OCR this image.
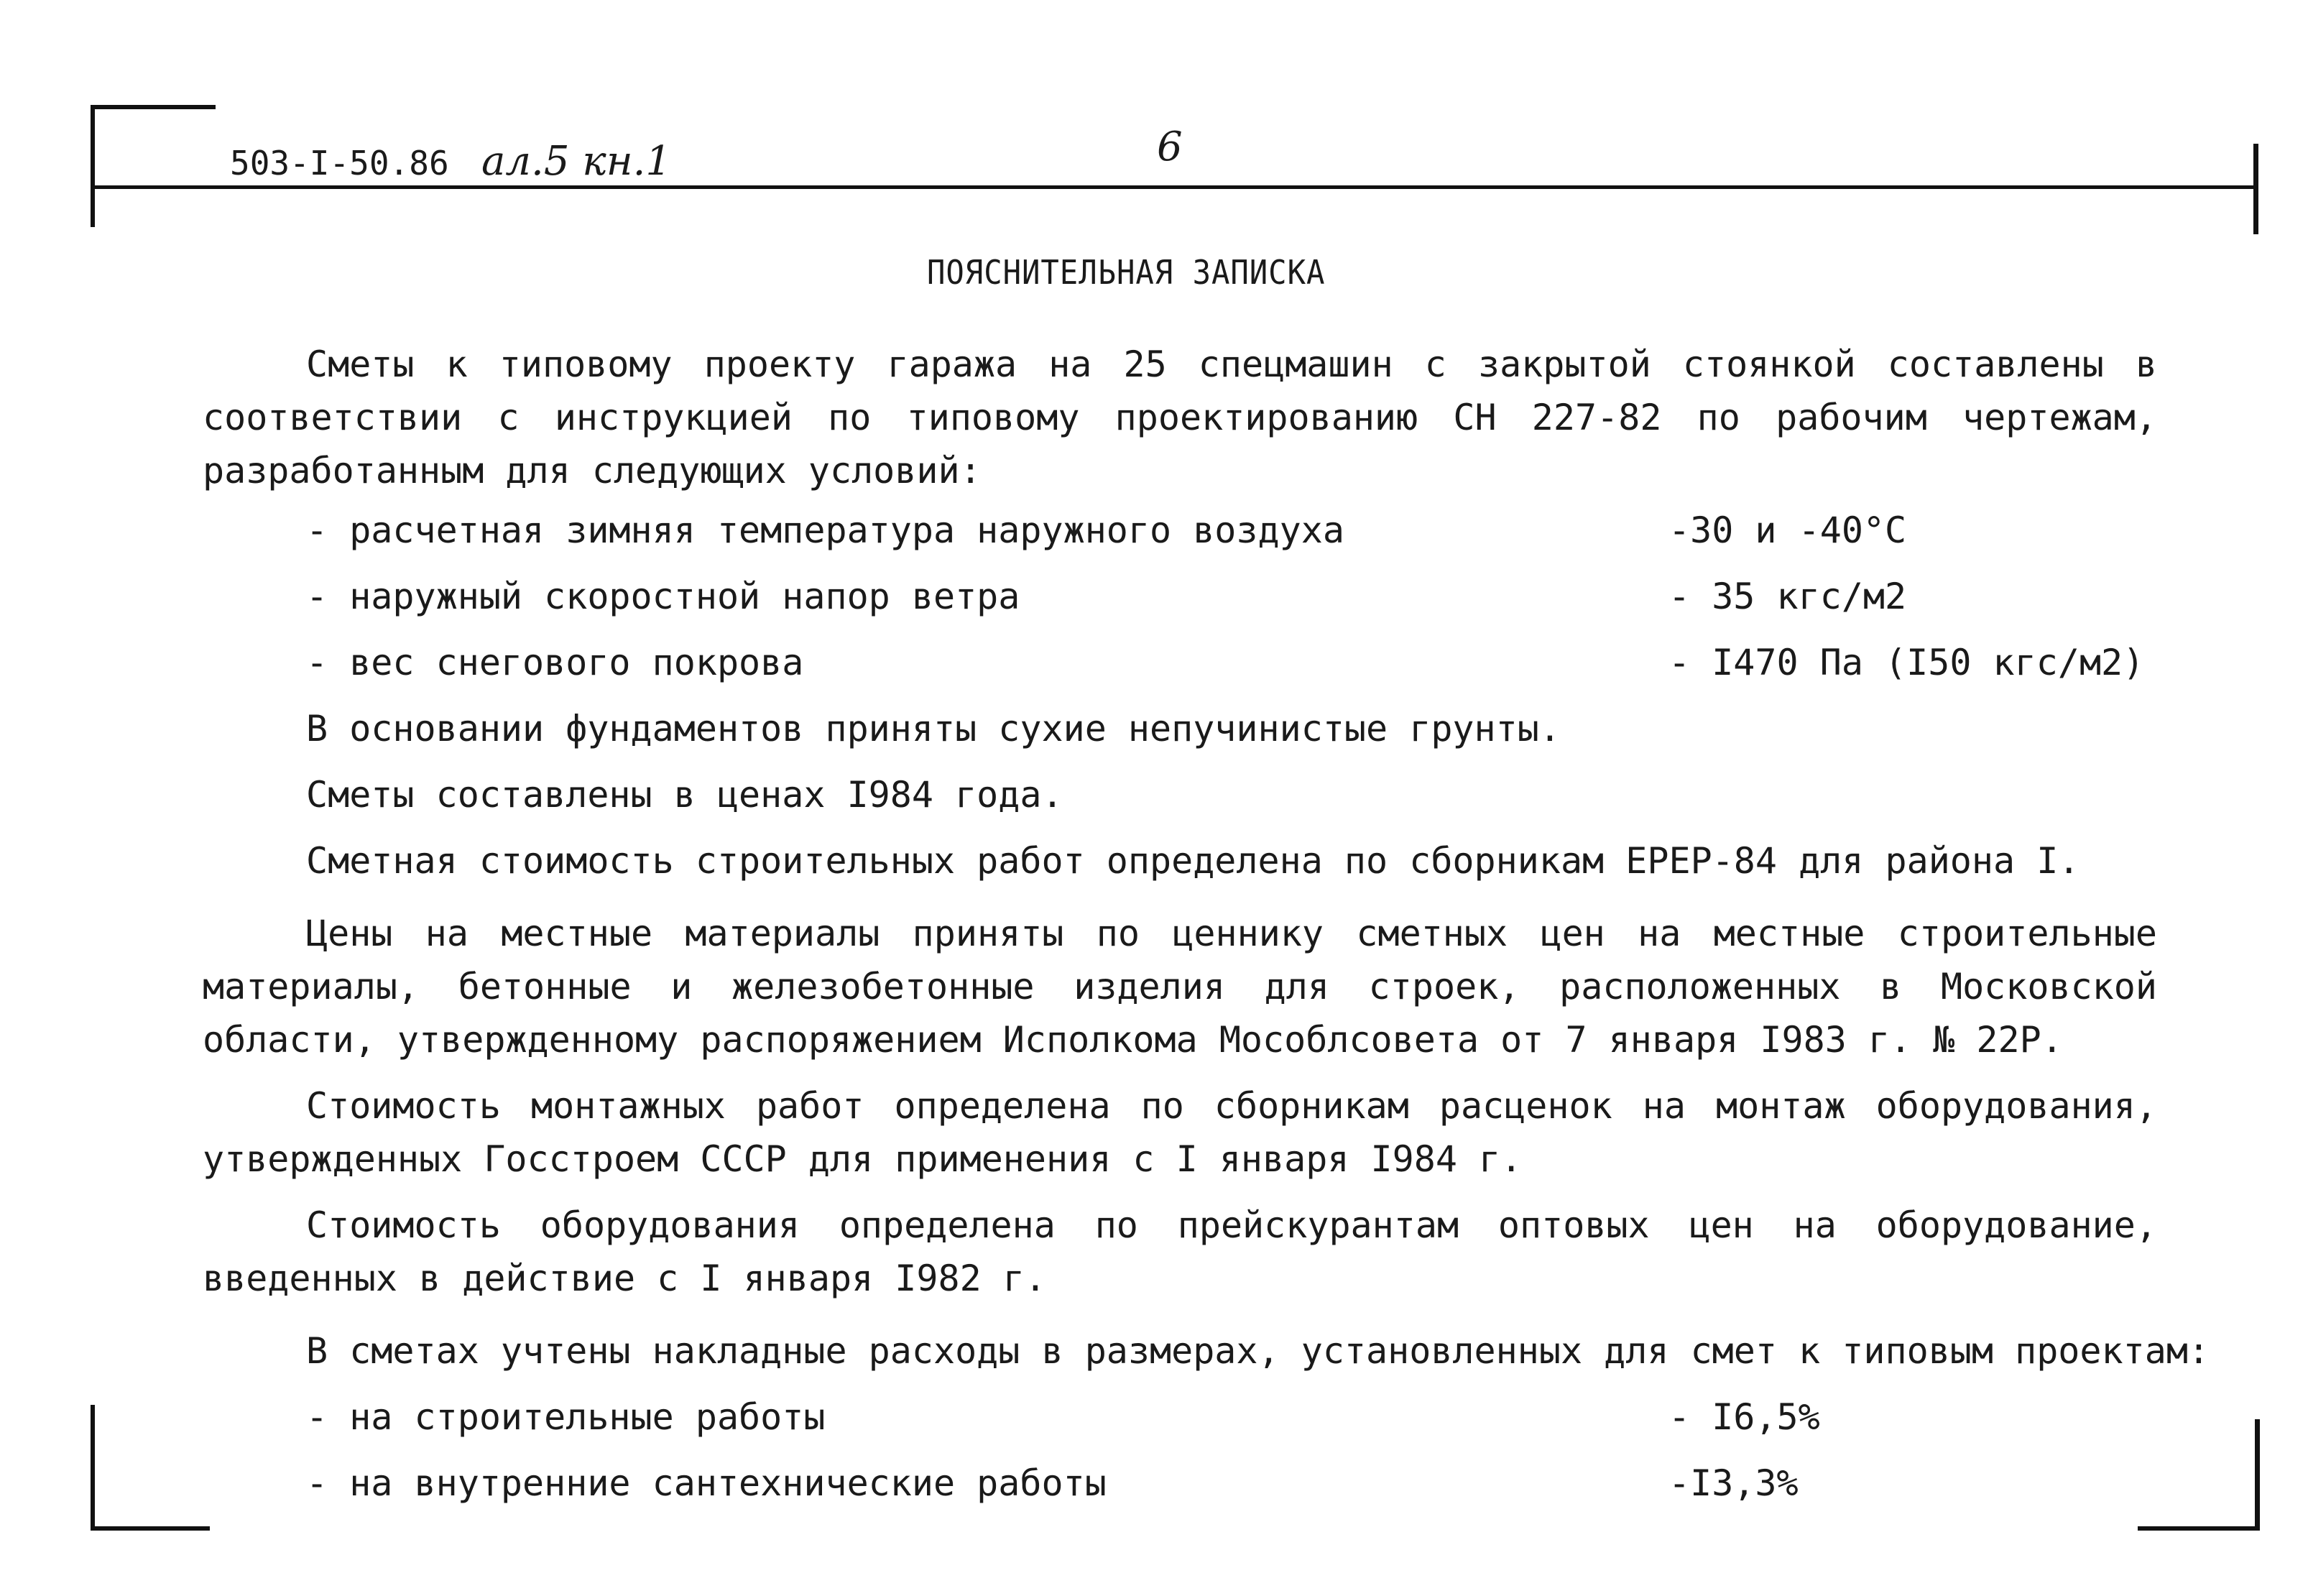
503-I-50.86 ал.5 кн.1	6
ПОЯСНИТЕЛЬНАЯ ЗАПИСКА

Сметы к типовому проекту гаража на 25 спецмашин с закрытой стоянкой составлены в соответствии с инструкцией по типовому проектированию СН 227-82 по рабочим чертежам, разработанным для следующих условий:

- расчетная зимняя температура наружного воздуха	-30 и -40°С
- наружный скоростной напор ветра	- 35 кгс/м2
- вес снегового покрова	- I470 Па (I50 кгс/м2)
В основании фундаментов приняты сухие непучинистые грунты.
Сметы составлены в ценах I984 года.
Сметная стоимость строительных работ определена по сборникам ЕРЕР-84 для района I.

Цены на местные материалы приняты по ценнику сметных цен на местные строительные материалы, бетонные и железобетонные изделия для строек, расположенных в Московской области, утвержденному распоряжением Исполкома Мособлсовета от 7 января I983 г. № 22Р.

Стоимость монтажных работ определена по сборникам расценок на монтаж оборудования, утвержденных Госстроем СССР для применения с I января I984 г.

Стоимость оборудования определена по прейскурантам оптовых цен на оборудование, введенных в действие с I января I982 г.

В сметах учтены накладные расходы в размерах, установленных для смет к типовым проектам:
- на строительные работы	- I6,5%
- на внутренние сантехнические работы	-I3,3%
